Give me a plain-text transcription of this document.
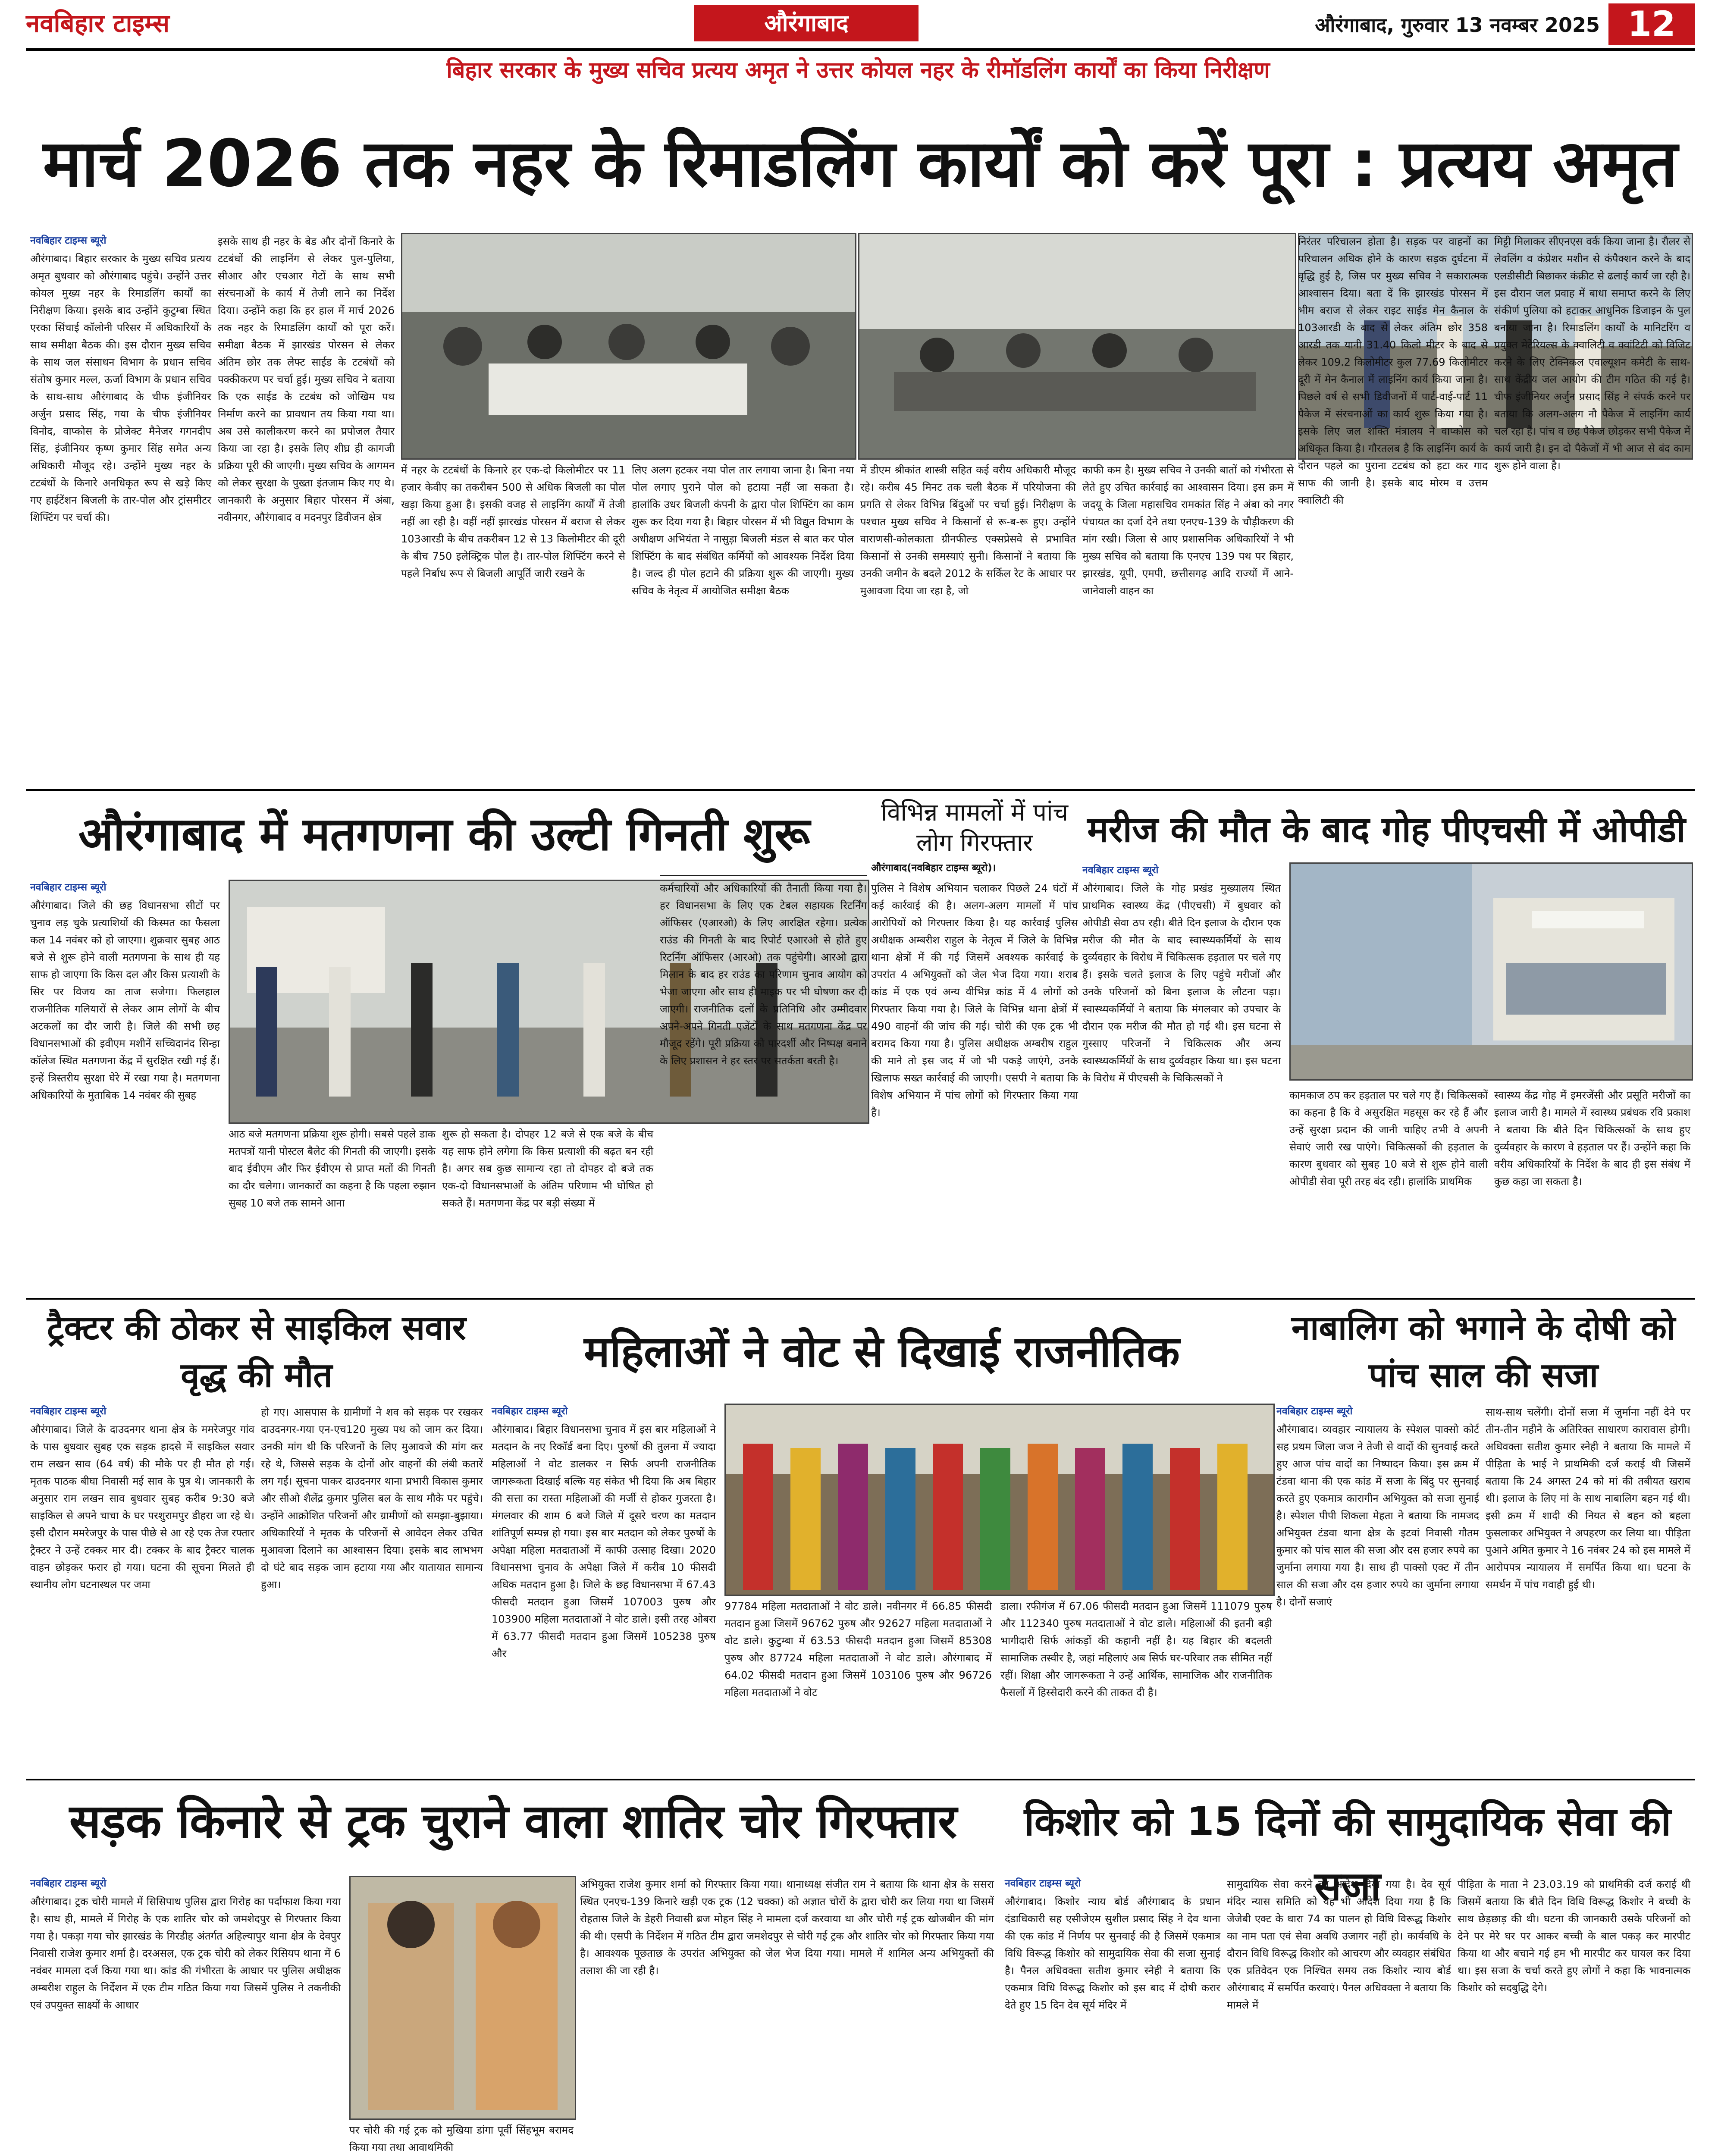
नवबिहार टाइम्स	औरंगाबाद	औरंगाबाद, गुरुवार 13 नवम्बर 2025 12
बिहार सरकार के मुख्य सचिव प्रत्यय अमृत ने उत्तर कोयल नहर के रीमॉडलिंग कार्यों का किया निरीक्षण
मार्च 2026 तक नहर के रिमाडलिंग कार्यों को करें पूरा : प्रत्यय अमृत
नवबिहार टाइम्स ब्यूरो
औरंगाबाद। बिहार सरकार के मुख्य सचिव प्रत्यय अमृत बुधवार को औरंगाबाद पहुंचे। उन्होंने उत्तर कोयल मुख्य नहर के रिमाडलिंग कार्यों का निरीक्षण किया। इसके बाद उन्होंने कुटुम्बा स्थित एरका सिंचाई कॉलोनी परिसर में अधिकारियों के साथ समीक्षा बैठक की। इस दौरान मुख्य सचिव के साथ जल संसाधन विभाग के प्रधान सचिव संतोष कुमार मल्ल, ऊर्जा विभाग के प्रधान सचिव के साथ-साथ औरंगाबाद के चीफ इंजीनियर अर्जुन प्रसाद सिंह, गया के चीफ इंजीनियर विनोद, वाप्कोस के प्रोजेक्ट मैनेजर गगनदीप सिंह, इंजीनियर कृष्ण कुमार सिंह समेत अन्य अधिकारी मौजूद रहे। उन्होंने मुख्य नहर के टटबंधों के किनारे अनधिकृत रूप से खड़े किए गए हाईटेंशन बिजली के तार-पोल और ट्रांसमीटर शिफ्टिंग पर चर्चा की।
इसके साथ ही नहर के बेड और दोनों किनारे के टटबंधों की लाइनिंग से लेकर पुल-पुलिया, सीआर और एचआर गेटों के साथ सभी संरचनाओं के कार्य में तेजी लाने का निर्देश दिया। उन्होंने कहा कि हर हाल में मार्च 2026 तक नहर के रिमाडलिंग कार्यों को पूरा करें। समीक्षा बैठक में झारखंड पोरसन से लेकर अंतिम छोर तक लेफ्ट साईड के टटबंधों को पक्कीकरण पर चर्चा हुई। मुख्य सचिव ने बताया कि एक साईड के टटबंध को जोखिम पथ निर्माण करने का प्रावधान तय किया गया था। अब उसे कालीकरण करने का प्रपोजल तैयार किया जा रहा है। इसके लिए शीघ्र ही कागजी प्रक्रिया पूरी की जाएगी। मुख्य सचिव के आगमन को लेकर सुरक्षा के पुख्ता इंतजाम किए गए थे। जानकारी के अनुसार बिहार पोरसन में अंबा, नवीनगर, औरंगाबाद व मदनपुर डिवीजन क्षेत्र
में नहर के टटबंधों के किनारे हर एक-दो किलोमीटर पर 11 हजार केवीए का तकरीबन 500 से अधिक बिजली का पोल खड़ा किया हुआ है। इसकी वजह से लाइनिंग कार्यों में तेजी नहीं आ रही है। वहीं नहीं झारखंड पोरसन में बराज से लेकर 103आरडी के बीच तकरीबन 12 से 13 किलोमीटर की दूरी के बीच 750 इलेक्ट्रिक पोल है। तार-पोल शिफ्टिंग करने से पहले निर्बाध रूप से बिजली आपूर्ति जारी रखने के
लिए अलग हटकर नया पोल तार लगाया जाना है। बिना नया पोल लगाए पुराने पोल को हटाया नहीं जा सकता है। हालांकि उधर बिजली कंपनी के द्वारा पोल शिफ्टिंग का काम शुरू कर दिया गया है। बिहार पोरसन में भी विद्युत विभाग के अधीक्षण अभियंता ने नासुड़ा बिजली मंडल से बात कर पोल शिफ्टिंग के बाद संबंधित कर्मियों को आवश्यक निर्देश दिया है। जल्द ही पोल हटाने की प्रक्रिया शुरू की जाएगी। मुख्य सचिव के नेतृत्व में आयोजित समीक्षा बैठक
में डीएम श्रीकांत शास्त्री सहित कई वरीय अधिकारी मौजूद रहे। करीब 45 मिनट तक चली बैठक में परियोजना की प्रगति से लेकर विभिन्न बिंदुओं पर चर्चा हुई। निरीक्षण के पश्चात मुख्य सचिव ने किसानों से रू-ब-रू हुए। उन्होंने वाराणसी-कोलकाता ग्रीनफील्ड एक्सप्रेसवे से प्रभावित किसानों से उनकी समस्याएं सुनी। किसानों ने बताया कि उनकी जमीन के बदले 2012 के सर्किल रेट के आधार पर मुआवजा दिया जा रहा है, जो
काफी कम है। मुख्य सचिव ने उनकी बातों को गंभीरता से लेते हुए उचित कार्रवाई का आश्वासन दिया। इस क्रम में जदयू के जिला महासचिव रामकांत सिंह ने अंबा को नगर पंचायत का दर्जा देने तथा एनएच-139 के चौड़ीकरण की मांग रखी। जिला से आए प्रशासनिक अधिकारियों ने भी मुख्य सचिव को बताया कि एनएच 139 पथ पर बिहार, झारखंड, यूपी, एमपी, छत्तीसगढ़ आदि राज्यों में आने-जानेवाली वाहन का
निरंतर परिचालन होता है। सड़क पर वाहनों का परिचालन अधिक होने के कारण सड़क दुर्घटना में वृद्धि हुई है, जिस पर मुख्य सचिव ने सकारात्मक आश्वासन दिया। बता दें कि झारखंड पोरसन में भीम बराज से लेकर राइट साईड मेन कैनाल के 103आरडी के बाद से लेकर अंतिम छोर 358 आरडी तक यानी 31.40 किलो मीटर के बाद से लेकर 109.2 किलोमीटर कुल 77.69 किलोमीटर दूरी में मेन कैनाल में लाइनिंग कार्य किया जाना है। पिछले वर्ष से सभी डिवीजनों में पार्ट-वाई-पार्ट 11 पैकेज में संरचनाओं का कार्य शुरू किया गया है। इसके लिए जल शक्ति मंत्रालय ने वाप्कोस को अधिकृत किया है। गौरतलब है कि लाइनिंग कार्य के दौरान पहले का पुराना टटबंध को हटा कर गाद साफ की जानी है। इसके बाद मोरम व उत्तम क्वालिटी की
मिट्टी मिलाकर सीएनएस वर्क किया जाना है। रौलर से लेवलिंग व कंप्रेशर मशीन से कंपैक्शन करने के बाद एलडीसीटी बिछाकर कंक्रीट से ढलाई कार्य जा रही है। इस दौरान जल प्रवाह में बाधा समाप्त करने के लिए संकीर्ण पुलिया को हटाकर आधुनिक डिजाइन के पुल बनाया जाना है। रिमाडलिंग कार्यों के मानिटरिंग व प्रयुक्त मेटेरियल्स के क्वालिटी व क्वांटिटी को विजिट करने के लिए टेक्निकल एवाल्यूशन कमेटी के साथ-साथ केंद्रीय जल आयोग की टीम गठित की गई है। चीफ इंजीनियर अर्जुन प्रसाद सिंह ने संपर्क करने पर बताया कि अलग-अलग नौ पैकेज में लाइनिंग कार्य चल रहा है। पांच व छह पैकेज छोड़कर सभी पैकेज में कार्य जारी है। इन दो पैकेजों में भी आज से बंद काम शुरू होने वाला है।
औरंगाबाद में मतगणना की उल्टी गिनती शुरू
नवबिहार टाइम्स ब्यूरो
औरंगाबाद। जिले की छह विधानसभा सीटों पर चुनाव लड़ चुके प्रत्याशियों की किस्मत का फैसला कल 14 नवंबर को हो जाएगा। शुक्रवार सुबह आठ बजे से शुरू होने वाली मतगणना के साथ ही यह साफ हो जाएगा कि किस दल और किस प्रत्याशी के सिर पर विजय का ताज सजेगा। फिलहाल राजनीतिक गलियारों से लेकर आम लोगों के बीच अटकलों का दौर जारी है। जिले की सभी छह विधानसभाओं की इवीएम मशीनें सच्चिदानंद सिन्हा कॉलेज स्थित मतगणना केंद्र में सुरक्षित रखी गई हैं। इन्हें त्रिस्तरीय सुरक्षा घेरे में रखा गया है। मतगणना अधिकारियों के मुताबिक 14 नवंबर की सुबह
आठ बजे मतगणना प्रक्रिया शुरू होगी। सबसे पहले डाक मतपत्रों यानी पोस्टल बैलेट की गिनती की जाएगी। इसके बाद ईवीएम और फिर ईवीएम से प्राप्त मतों की गिनती का दौर चलेगा। जानकारों का कहना है कि पहला रुझान सुबह 10 बजे तक सामने आना
शुरू हो सकता है। दोपहर 12 बजे से एक बजे के बीच यह साफ होने लगेगा कि किस प्रत्याशी की बढ़त बन रही है। अगर सब कुछ सामान्य रहा तो दोपहर दो बजे तक एक-दो विधानसभाओं के अंतिम परिणाम भी घोषित हो सकते हैं। मतगणना केंद्र पर बड़ी संख्या में
कर्मचारियों और अधिकारियों की तैनाती किया गया है। हर विधानसभा के लिए एक टेबल सहायक रिटर्निंग ऑफिसर (एआरओ) के लिए आरक्षित रहेगा। प्रत्येक राउंड की गिनती के बाद रिपोर्ट एआरओ से होते हुए रिटर्निंग ऑफिसर (आरओ) तक पहुंचेगी। आरओ द्वारा मिलान के बाद हर राउंड का परिणाम चुनाव आयोग को भेजा जाएगा और साथ ही माइक पर भी घोषणा कर दी जाएगी। राजनीतिक दलों के प्रतिनिधि और उम्मीदवार अपने-अपने गिनती एजेंटों के साथ मतगणना केंद्र पर मौजूद रहेंगे। पूरी प्रक्रिया को पारदर्शी और निष्पक्ष बनाने के लिए प्रशासन ने हर स्तर पर सतर्कता बरती है।
विभिन्न मामलों में पांच लोग गिरफ्तार
औरंगाबाद(नवबिहार टाइम्स ब्यूरो)।
पुलिस ने विशेष अभियान चलाकर पिछले 24 घंटों में कई कार्रवाई की है। अलग-अलग मामलों में पांच आरोपियों को गिरफ्तार किया है। यह कार्रवाई पुलिस अधीक्षक अम्बरीश राहुल के नेतृत्व में जिले के विभिन्न थाना क्षेत्रों में की गई जिसमें अवश्यक कार्रवाई के उपरांत 4 अभियुक्तों को जेल भेज दिया गया। शराब कांड में एक एवं अन्य वीभिन्न कांड में 4 लोगों को गिरफ्तार किया गया है। जिले के विभिन्न थाना क्षेत्रों में 490 वाहनों की जांच की गई। चोरी की एक ट्रक भी बरामद किया गया है। पुलिस अधीक्षक अम्बरीष राहुल की माने तो इस जद में जो भी पकड़े जाएंगे, उनके खिलाफ सख्त कार्रवाई की जाएगी। एसपी ने बताया कि विशेष अभियान में पांच लोगों को गिरफ्तार किया गया है।
मरीज की मौत के बाद गोह पीएचसी में ओपीडी
नवबिहार टाइम्स ब्यूरो
औरंगाबाद। जिले के गोह प्रखंड मुख्यालय स्थित प्राथमिक स्वास्थ्य केंद्र (पीएचसी) में बुधवार को ओपीडी सेवा ठप रही। बीते दिन इलाज के दौरान एक मरीज की मौत के बाद स्वास्थ्यकर्मियों के साथ दुर्व्यवहार के विरोध में चिकित्सक हड़ताल पर चले गए हैं। इसके चलते इलाज के लिए पहुंचे मरीजों और उनके परिजनों को बिना इलाज के लौटना पड़ा। स्वास्थ्यकर्मियों ने बताया कि मंगलवार को उपचार के दौरान एक मरीज की मौत हो गई थी। इस घटना से गुस्साए परिजनों ने चिकित्सक और अन्य स्वास्थ्यकर्मियों के साथ दुर्व्यवहार किया था। इस घटना के विरोध में पीएचसी के चिकित्सकों ने
कामकाज ठप कर हड़ताल पर चले गए हैं। चिकित्सकों का कहना है कि वे असुरक्षित महसूस कर रहे हैं और उन्हें सुरक्षा प्रदान की जानी चाहिए तभी वे अपनी सेवाएं जारी रख पाएंगे। चिकित्सकों की हड़ताल के कारण बुधवार को सुबह 10 बजे से शुरू होने वाली ओपीडी सेवा पूरी तरह बंद रही। हालांकि प्राथमिक
स्वास्थ्य केंद्र गोह में इमरजेंसी और प्रसूति मरीजों का इलाज जारी है। मामले में स्वास्थ्य प्रबंधक रवि प्रकाश ने बताया कि बीते दिन चिकित्सकों के साथ हुए दुर्व्यवहार के कारण वे हड़ताल पर हैं। उन्होंने कहा कि वरीय अधिकारियों के निर्देश के बाद ही इस संबंध में कुछ कहा जा सकता है।
ट्रैक्टर की ठोकर से साइकिल सवार वृद्ध की मौत
नवबिहार टाइम्स ब्यूरो
औरंगाबाद। जिले के दाउदनगर थाना क्षेत्र के ममरेजपुर गांव के पास बुधवार सुबह एक सड़क हादसे में साइकिल सवार राम लखन साव (64 वर्ष) की मौके पर ही मौत हो गई। मृतक पाठक बीघा निवासी मई साव के पुत्र थे। जानकारी के अनुसार राम लखन साव बुधवार सुबह करीब 9:30 बजे साइकिल से अपने चाचा के घर परशुरामपुर डीहरा जा रहे थे। इसी दौरान ममरेजपुर के पास पीछे से आ रहे एक तेज रफ्तार ट्रैक्टर ने उन्हें टक्कर मार दी। टक्कर के बाद ट्रैक्टर चालक वाहन छोड़कर फरार हो गया। घटना की सूचना मिलते ही स्थानीय लोग घटनास्थल पर जमा
हो गए। आसपास के ग्रामीणों ने शव को सड़क पर रखकर दाउदनगर-गया एन-एच120 मुख्य पथ को जाम कर दिया। उनकी मांग थी कि परिजनों के लिए मुआवजे की मांग कर रहे थे, जिससे सड़क के दोनों ओर वाहनों की लंबी कतारें लग गईं। सूचना पाकर दाउदनगर थाना प्रभारी विकास कुमार और सीओ शैलेंद्र कुमार पुलिस बल के साथ मौके पर पहुंचे। उन्होंने आक्रोशित परिजनों और ग्रामीणों को समझा-बुझाया। अधिकारियों ने मृतक के परिजनों से आवेदन लेकर उचित मुआवजा दिलाने का आश्वासन दिया। इसके बाद लाभभग दो घंटे बाद सड़क जाम हटाया गया और यातायात सामान्य हुआ।
महिलाओं ने वोट से दिखाई राजनीतिक
नवबिहार टाइम्स ब्यूरो
औरंगाबाद। बिहार विधानसभा चुनाव में इस बार महिलाओं ने मतदान के नए रिकॉर्ड बना दिए। पुरुषों की तुलना में ज्यादा महिलाओं ने वोट डालकर न सिर्फ अपनी राजनीतिक जागरूकता दिखाई बल्कि यह संकेत भी दिया कि अब बिहार की सत्ता का रास्ता महिलाओं की मर्जी से होकर गुजरता है। मंगलवार की शाम 6 बजे जिले में दूसरे चरण का मतदान शांतिपूर्ण सम्पन्न हो गया। इस बार मतदान को लेकर पुरुषों के अपेक्षा महिला मतदाताओं में काफी उत्साह दिखा। 2020 विधानसभा चुनाव के अपेक्षा जिले में करीब 10 फीसदी अधिक मतदान हुआ है। जिले के छह विधानसभा में 67.43 फीसदी मतदान हुआ जिसमें 107003 पुरुष और 103900 महिला मतदाताओं ने वोट डाले। इसी तरह ओबरा में 63.77 फीसदी मतदान हुआ जिसमें 105238 पुरुष और
97784 महिला मतदाताओं ने वोट डाले। नवीनगर में 66.85 फीसदी मतदान हुआ जिसमें 96762 पुरुष और 92627 महिला मतदाताओं ने वोट डाले। कुटुम्बा में 63.53 फीसदी मतदान हुआ जिसमें 85308 पुरुष और 87724 महिला मतदाताओं ने वोट डाले। औरंगाबाद में 64.02 फीसदी मतदान हुआ जिसमें 103106 पुरुष और 96726 महिला मतदाताओं ने वोट
डाला। रफीगंज में 67.06 फीसदी मतदान हुआ जिसमें 111079 पुरुष और 112340 पुरुष मतदाताओं ने वोट डाले। महिलाओं की इतनी बड़ी भागीदारी सिर्फ आंकड़ों की कहानी नहीं है। यह बिहार की बदलती सामाजिक तस्वीर है, जहां महिलाएं अब सिर्फ घर-परिवार तक सीमित नहीं रहीं। शिक्षा और जागरूकता ने उन्हें आर्थिक, सामाजिक और राजनीतिक फैसलों में हिस्सेदारी करने की ताकत दी है।
नाबालिग को भगाने के दोषी को पांच साल की सजा
नवबिहार टाइम्स ब्यूरो
औरंगाबाद। व्यवहार न्यायालय के स्पेशल पाक्सो कोर्ट सह प्रथम जिला जज ने तेजी से वादों की सुनवाई करते हुए आज पांच वादों का निष्पादन किया। इस क्रम में टंडवा थाना की एक कांड में सजा के बिंदु पर सुनवाई करते हुए एकमात्र कारागीन अभियुक्त को सजा सुनाई है। स्पेशल पीपी शिकला मेहता ने बताया कि नामजद अभियुक्त टंडवा थाना क्षेत्र के इटवां निवासी गौतम कुमार को पांच साल की सजा और दस हजार रुपये का जुर्माना लगाया गया है। साथ ही पाक्सो एक्ट में तीन साल की सजा और दस हजार रुपये का जुर्माना लगाया है। दोनों सजाएं
साथ-साथ चलेंगी। दोनों सजा में जुर्माना नहीं देने पर तीन-तीन महीने के अतिरिक्त साधारण कारावास होगी। अधिवक्ता सतीश कुमार स्नेही ने बताया कि मामले में पीड़िता के भाई ने प्राथमिकी दर्ज कराई थी जिसमें बताया कि 24 अगस्त 24 को मां की तबीयत खराब थी। इलाज के लिए मां के साथ नाबालिग बहन गई थी। इसी क्रम में शादी की नियत से बहन को बहला फुसलाकर अभियुक्त ने अपहरण कर लिया था। पीड़िता पुआने अमित कुमार ने 16 नवंबर 24 को इस मामले में आरोपपत्र न्यायालय में समर्पित किया था। घटना के समर्थन में पांच गवाही हुई थी।
सड़क किनारे से ट्रक चुराने वाला शातिर चोर गिरफ्तार
नवबिहार टाइम्स ब्यूरो
औरंगाबाद। ट्रक चोरी मामले में सिसिपाथ पुलिस द्वारा गिरोह का पर्दाफाश किया गया है। साथ ही, मामले में गिरोह के एक शातिर चोर को जमशेदपुर से गिरफ्तार किया गया है। पकड़ा गया चोर झारखंड के गिरडीह अंतर्गत अहिल्यापुर थाना क्षेत्र के देवपुर निवासी राजेश कुमार शर्मा है। दरअसल, एक ट्रक चोरी को लेकर रिसियप थाना में 6 नवंबर मामला दर्ज किया गया था। कांड की गंभीरता के आधार पर पुलिस अधीक्षक अम्बरीश राहुल के निर्देशन में एक टीम गठित किया गया जिसमें पुलिस ने तकनीकी एवं उपयुक्त साक्ष्यों के आधार
पर चोरी की गई ट्रक को मुखिया डांगा पूर्वी सिंहभूम बरामद किया गया तथा आवाथमिकी
अभियुक्त राजेश कुमार शर्मा को गिरफ्तार किया गया। थानाध्यक्ष संजीत राम ने बताया कि थाना क्षेत्र के ससरा स्थित एनएच-139 किनारे खड़ी एक ट्रक (12 चक्का) को अज्ञात चोरों के द्वारा चोरी कर लिया गया था जिसमें रोहतास जिले के डेहरी निवासी ब्रज मोहन सिंह ने मामला दर्ज करवाया था और चोरी गई ट्रक खोजबीन की मांग की थी। एसपी के निर्देशन में गठित टीम द्वारा जमशेदपुर से चोरी गई ट्रक और शातिर चोर को गिरफ्तार किया गया है। आवश्यक पूछताछ के उपरांत अभियुक्त को जेल भेज दिया गया। मामले में शामिल अन्य अभियुक्तों की तलाश की जा रही है।
किशोर को 15 दिनों की सामुदायिक सेवा की सजा
नवबिहार टाइम्स ब्यूरो
औरंगाबाद। किशोर न्याय बोर्ड औरंगाबाद के प्रधान दंडाधिकारी सह एसीजेएम सुशील प्रसाद सिंह ने देव थाना की एक कांड में निर्णय पर सुनवाई की है जिसमें एकमात्र विधि विरूद्ध किशोर को सामुदायिक सेवा की सजा सुनाई है। पैनल अधिवक्ता सतीश कुमार स्नेही ने बताया कि एकमात्र विधि विरूद्ध किशोर को इस बाद में दोषी करार देते हुए 15 दिन देव सूर्य मंदिर में
सामुदायिक सेवा करने का आदेश दिया गया है। देव सूर्य मंदिर न्यास समिति को यह भी आदेश दिया गया है कि जेजेबी एक्ट के धारा 74 का पालन हो विधि विरूद्ध किशोर का नाम पता एवं सेवा अवधि उजागर नहीं हो। कार्यवधि के दौरान विधि विरूद्ध किशोर को आचरण और व्यवहार संबंधित एक प्रतिवेदन एक निश्चित समय तक किशोर न्याय बोर्ड औरंगाबाद में समर्पित करवाएं। पैनल अधिवक्ता ने बताया कि मामले में
पीड़िता के माता ने 23.03.19 को प्राथमिकी दर्ज कराई थी जिसमें बताया कि बीते दिन विधि विरूद्ध किशोर ने बच्ची के साथ छेड़छाड़ की थी। घटना की जानकारी उसके परिजनों को देने पर मेरे घर पर आकर बच्ची के बाल पकड़ कर मारपीट किया था और बचाने गई हम भी मारपीट कर घायल कर दिया था। इस सजा के चर्चा करते हुए लोगों ने कहा कि भावनात्मक किशोर को सदबुद्धि देगे।
